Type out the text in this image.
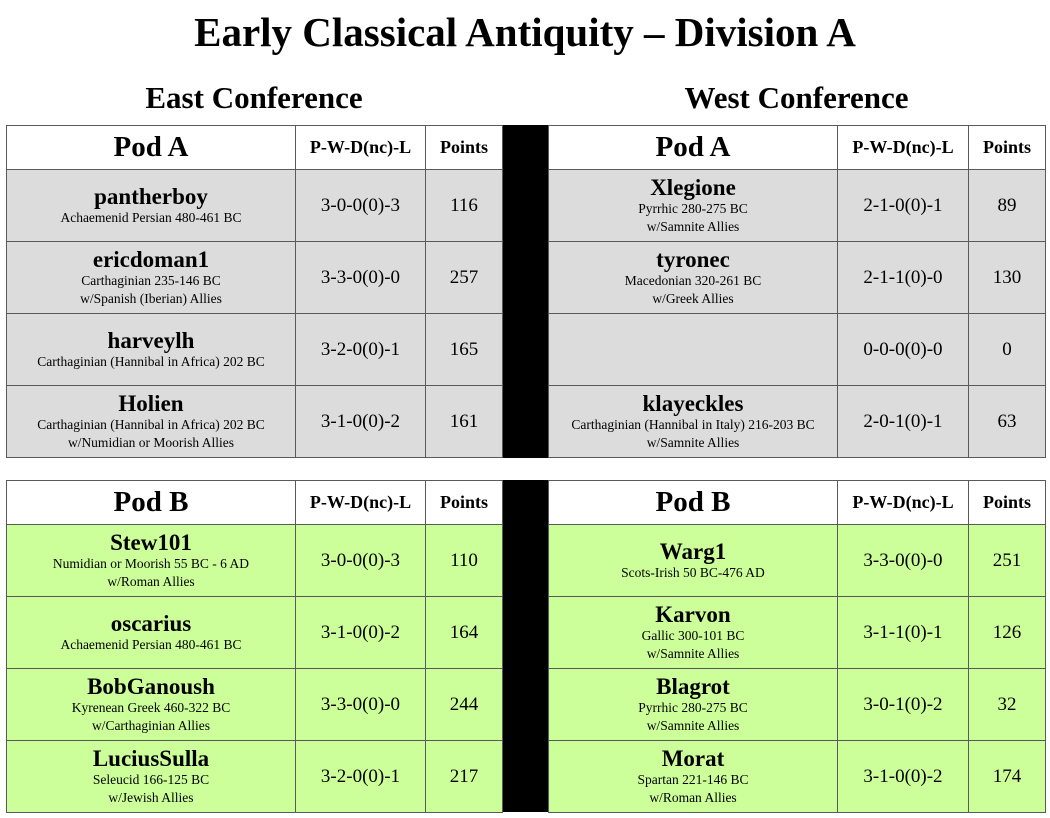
Early Classical Antiquity – Division A
East Conference	West Conference
Pod A	P-W-D(nc)-L	Points

pantherboy
Achaemenid Persian 480-461 BC	3-0-0(0)-3	116

ericdoman1
Carthaginian 235-146 BC
w/Spanish (Iberian) Allies	3-3-0(0)-0	257

harveylh
Carthaginian (Hannibal in Africa) 202 BC	3-2-0(0)-1	165

Holien
Carthaginian (Hannibal in Africa) 202 BC
w/Numidian or Moorish Allies	3-1-0(0)-2	161
Pod A	P-W-D(nc)-L	Points

Xlegione
Pyrrhic 280-275 BC
w/Samnite Allies	2-1-0(0)-1	89

tyronec
Macedonian 320-261 BC
w/Greek Allies	2-1-1(0)-0	130
	0-0-0(0)-0	0

klayeckles
Carthaginian (Hannibal in Italy) 216-203 BC
w/Samnite Allies	2-0-1(0)-1	63
Pod B	P-W-D(nc)-L	Points

Stew101
Numidian or Moorish 55 BC - 6 AD
w/Roman Allies	3-0-0(0)-3	110

oscarius
Achaemenid Persian 480-461 BC	3-1-0(0)-2	164

BobGanoush
Kyrenean Greek 460-322 BC
w/Carthaginian Allies	3-3-0(0)-0	244

LuciusSulla
Seleucid 166-125 BC
w/Jewish Allies	3-2-0(0)-1	217
Pod B	P-W-D(nc)-L	Points

Warg1
Scots-Irish 50 BC-476 AD	3-3-0(0)-0	251

Karvon
Gallic 300-101 BC
w/Samnite Allies	3-1-1(0)-1	126

Blagrot
Pyrrhic 280-275 BC
w/Samnite Allies	3-0-1(0)-2	32

Morat
Spartan 221-146 BC
w/Roman Allies	3-1-0(0)-2	174
